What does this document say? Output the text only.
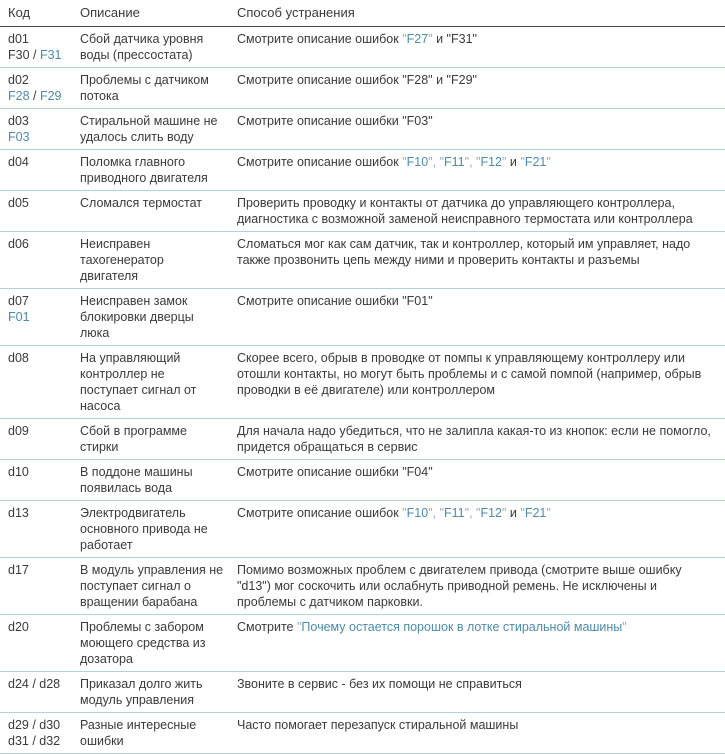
Код	Описание	Способ устранения

d01
F30 / F31	Сбой датчика уровня воды (прессостата)	Смотрите описание ошибок "F27" и "F31"

d02
F28 / F29	Проблемы с датчиком потока	Смотрите описание ошибок "F28" и "F29"

d03
F03	Стиральной машине не удалось слить воду	Смотрите описание ошибки "F03"

d04	Поломка главного приводного двигателя	Смотрите описание ошибок "F10", "F11", "F12" и "F21"

d05	Сломался термостат	Проверить проводку и контакты от датчика до управляющего контроллера, диагностика с возможной заменой неисправного термостата или контроллера

d06	Неисправен тахогенератор двигателя	Сломаться мог как сам датчик, так и контроллер, который им управляет, надо также прозвонить цепь между ними и проверить контакты и разъемы

d07
F01	Неисправен замок блокировки дверцы люка	Смотрите описание ошибки "F01"

d08	На управляющий контроллер не поступает сигнал от насоса	Скорее всего, обрыв в проводке от помпы к управляющему контроллеру или отошли контакты, но могут быть проблемы и с самой помпой (например, обрыв проводки в её двигателе) или контроллером

d09	Сбой в программе стирки	Для начала надо убедиться, что не залипла какая-то из кнопок: если не помогло, придется обращаться в сервис

d10	В поддоне машины появилась вода	Смотрите описание ошибки "F04"

d13	Электродвигатель основного привода не работает	Смотрите описание ошибок "F10", "F11", "F12" и "F21"

d17	В модуль управления не поступает сигнал о вращении барабана	Помимо возможных проблем с двигателем привода (смотрите выше ошибку "d13") мог соскочить или ослабнуть приводной ремень. Не исключены и проблемы с датчиком парковки.

d20	Проблемы с забором моющего средства из дозатора	Смотрите "Почему остается порошок в лотке стиральной машины"

d24 / d28	Приказал долго жить модуль управления	Звоните в сервис - без их помощи не справиться

d29 / d30
d31 / d32	Разные интересные ошибки	Часто помогает перезапуск стиральной машины
